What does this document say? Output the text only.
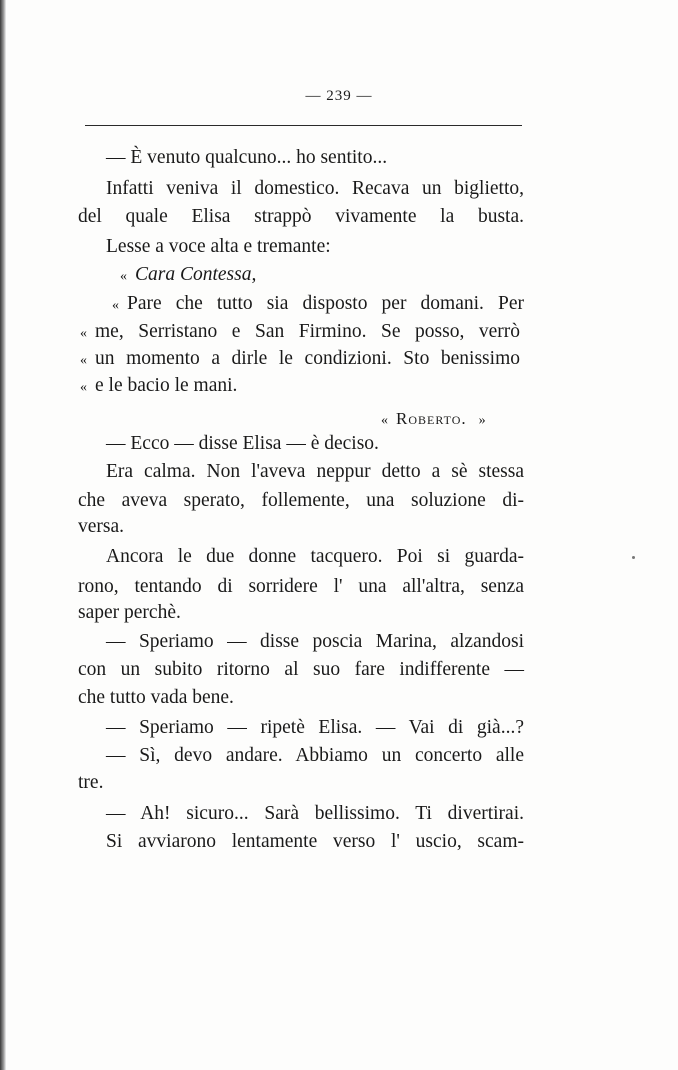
— 239 —
— È venuto qualcuno... ho sentito...
Infatti veniva il domestico. Recava un biglietto,
del quale Elisa strappò vivamente la busta.
Lesse a voce alta e tremante:
« Cara Contessa,
« Pare che tutto sia disposto per domani. Per
« me, Serristano e San Firmino. Se posso, verrò
« un momento a dirle le condizioni. Sto benissimo
« e le bacio le mani.
« Roberto. »
— Ecco — disse Elisa — è deciso.
Era calma. Non l'aveva neppur detto a sè stessa
che aveva sperato, follemente, una soluzione di-
versa.
Ancora le due donne tacquero. Poi si guarda-
rono, tentando di sorridere l' una all'altra, senza
saper perchè.
— Speriamo — disse poscia Marina, alzandosi
con un subito ritorno al suo fare indifferente —
che tutto vada bene.
— Speriamo — ripetè Elisa. — Vai di già...?
— Sì, devo andare. Abbiamo un concerto alle
tre.
— Ah! sicuro... Sarà bellissimo. Ti divertirai.
Si avviarono lentamente verso l' uscio, scam-
